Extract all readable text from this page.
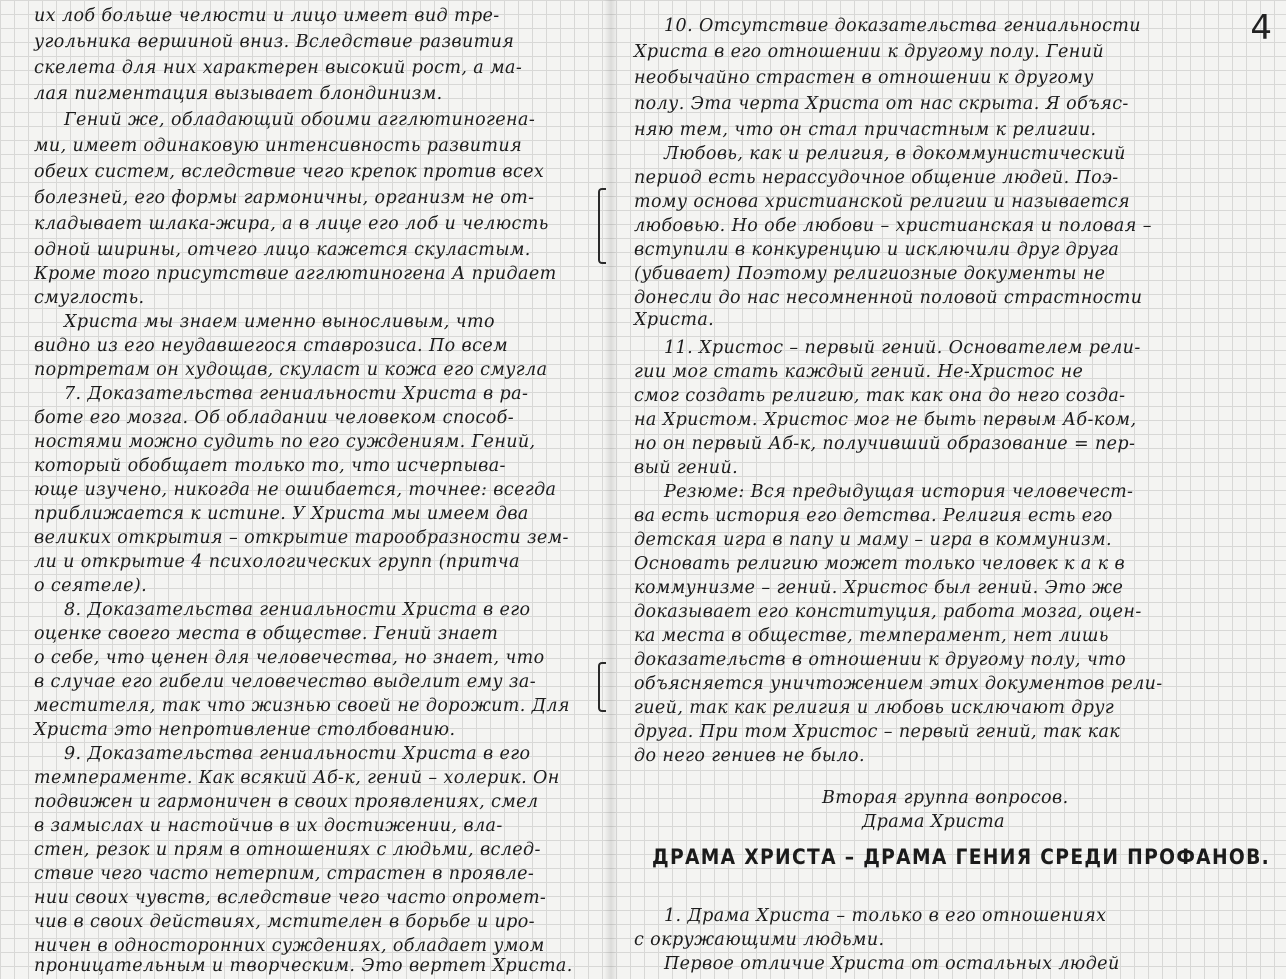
их лоб больше челюсти и лицо имеет вид тре-
угольника вершиной вниз. Вследствие развития
скелета для них характерен высокий рост, а ма-
лая пигментация вызывает блондинизм.
Гений же, обладающий обоими агглютиногена-
ми, имеет одинаковую интенсивность развития
обеих систем, вследствие чего крепок против всех
болезней, его формы гармоничны, организм не от-
кладывает шлака-жира, а в лице его лоб и челюсть
одной ширины, отчего лицо кажется скуластым.
Кроме того присутствие агглютиногена А придает
смуглость.
Христа мы знаем именно выносливым, что
видно из его неудавшегося ставрозиса. По всем
портретам он худощав, скуласт и кожа его смугла
7. Доказательства гениальности Христа в ра-
боте его мозга. Об обладании человеком способ-
ностями можно судить по его суждениям. Гений,
который обобщает только то, что исчерпыва-
юще изучено, никогда не ошибается, точнее: всегда
приближается к истине. У Христа мы имеем два
великих открытия – открытие тарообразности зем-
ли и открытие 4 психологических групп (притча
о сеятеле).
8. Доказательства гениальности Христа в его
оценке своего места в обществе. Гений знает
о себе, что ценен для человечества, но знает, что
в случае его гибели человечество выделит ему за-
местителя, так что жизнью своей не дорожит. Для
Христа это непротивление столбованию.
9. Доказательства гениальности Христа в его
темпераменте. Как всякий Аб-к, гений – холерик. Он
подвижен и гармоничен в своих проявлениях, смел
в замыслах и настойчив в их достижении, вла-
стен, резок и прям в отношениях с людьми, вслед-
ствие чего часто нетерпим, страстен в проявле-
нии своих чувств, вследствие чего часто опромет-
чив в своих действиях, мстителен в борьбе и иро-
ничен в односторонних суждениях, обладает умом
проницательным и творческим. Это вертет Христа.
4
10. Отсутствие доказательства гениальности
Христа в его отношении к другому полу. Гений
необычайно страстен в отношении к другому
полу. Эта черта Христа от нас скрыта. Я объяс-
няю тем, что он стал причастным к религии.
Любовь, как и религия, в докоммунистический
период есть нерассудочное общение людей. Поэ-
тому основа христианской религии и называется
любовью. Но обе любови – христианская и половая –
вступили в конкуренцию и исключили друг друга
(убивает) Поэтому религиозные документы не
донесли до нас несомненной половой страстности
Христа.
11. Христос – первый гений. Основателем рели-
гии мог стать каждый гений. Не-Христос не
смог создать религию, так как она до него созда-
на Христом. Христос мог не быть первым Аб-ком,
но он первый Аб-к, получивший образование = пер-
вый гений.
Резюме: Вся предыдущая история человечест-
ва есть история его детства. Религия есть его
детская игра в папу и маму – игра в коммунизм.
Основать религию может только человек к а к в
коммунизме – гений. Христос был гений. Это же
доказывает его конституция, работа мозга, оцен-
ка места в обществе, темперамент, нет лишь
доказательств в отношении к другому полу, что
объясняется уничтожением этих документов рели-
гией, так как религия и любовь исключают друг
друга. При том Христос – первый гений, так как
до него гениев не было.
Вторая группа вопросов.
Драма Христа
ДРАМА ХРИСТА – ДРАМА ГЕНИЯ СРЕДИ ПРОФАНОВ.
1. Драма Христа – только в его отношениях
с окружающими людьми.
Первое отличие Христа от остальных людей
